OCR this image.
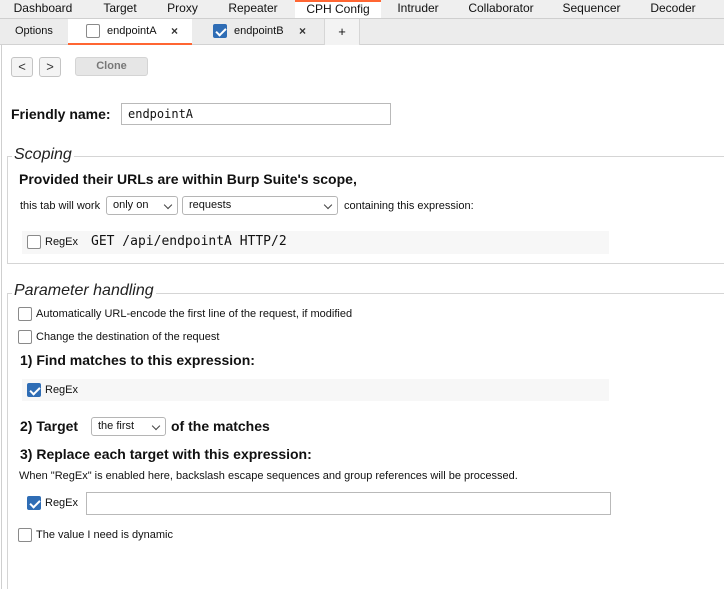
Dashboard	Target	Proxy	Repeater	CPH Config	Intruder	Collaborator	Sequencer	Decoder
Options	endpointA ×	endpointB ×	+
<	>	Clone
Friendly name:	endpointA
Scoping
Provided their URLs are within Burp Suite's scope,
this tab will work	only on	requests	containing this expression:
RegEx GET /api/endpointA HTTP/2
Parameter handling
Automatically URL-encode the first line of the request, if modified
Change the destination of the request
1) Find matches to this expression:
RegEx
2) Target	the first	of the matches
3) Replace each target with this expression:
When "RegEx" is enabled here, backslash escape sequences and group references will be processed.
RegEx
The value I need is dynamic
